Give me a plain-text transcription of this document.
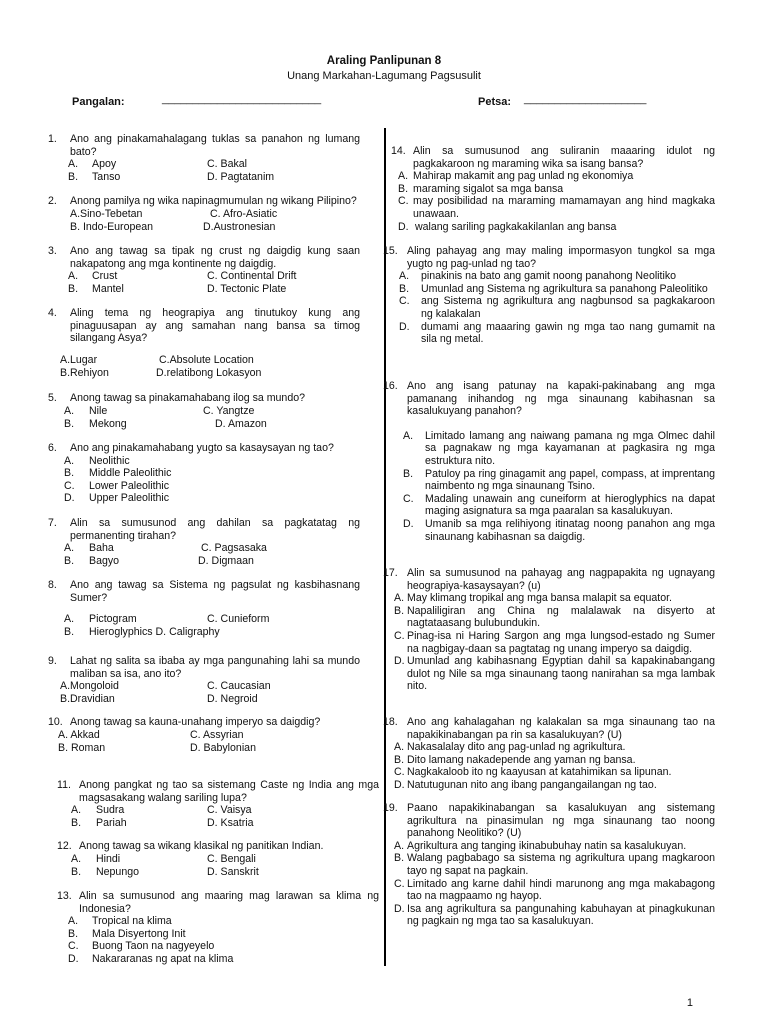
Araling Panlipunan 8
Unang Markahan-Lagumang Pagsusulit
Pangalan:	__________________________	Petsa: ____________________
1. Ano ang pinakamahalagang tuklas sa panahon ng lumang bato?
A. Apoy	C. Bakal
B. Tanso	D. Pagtatanim
2. Anong pamilya ng wika napinagmumulan ng wikang Pilipino?
A.Sino-Tebetan	C. Afro-Asiatic
B. Indo-European	D.Austronesian
3. Ano ang tawag sa tipak ng crust ng daigdig kung saan nakapatong ang mga kontinente ng daigdig.
A. Crust	C. Continental Drift
B. Mantel	D. Tectonic Plate
4. Aling tema ng heograpiya ang tinutukoy kung ang pinaguusapan ay ang samahan nang bansa sa timog silangang Asya?
A.Lugar	C.Absolute Location
B.Rehiyon	D.relatibong Lokasyon
5. Anong tawag sa pinakamahabang ilog sa mundo?
A. Nile	C. Yangtze
B. Mekong	D. Amazon
6. Ano ang pinakamahabang yugto sa kasaysayan ng tao?
A. Neolithic
B. Middle Paleolithic
C. Lower Paleolithic
D. Upper Paleolithic
7. Alin sa sumusunod ang dahilan sa pagkatatag ng permanenting tirahan?
A. Baha	C. Pagsasaka
B. Bagyo	D. Digmaan
8. Ano ang tawag sa Sistema ng pagsulat ng kasbihasnang Sumer?
A. Pictogram	C. Cunieform
B. Hieroglyphics D. Caligraphy
9. Lahat ng salita sa ibaba ay mga pangunahing lahi sa mundo maliban sa isa, ano ito?
A.Mongoloid	C. Caucasian
B.Dravidian	D. Negroid
10. Anong tawag sa kauna-unahang imperyo sa daigdig?
A. Akkad	C. Assyrian
B. Roman	D. Babylonian
11. Anong pangkat ng tao sa sistemang Caste ng India ang mga magsasakang walang sariling lupa?
A. Sudra	C. Vaisya
B. Pariah	D. Ksatria
12. Anong tawag sa wikang klasikal ng panitikan Indian.
A. Hindi	C. Bengali
B. Nepungo	D. Sanskrit
13. Alin sa sumusunod ang maaring mag larawan sa klima ng Indonesia?
A. Tropical na klima
B. Mala Disyertong Init
C. Buong Taon na nagyeyelo
D. Nakararanas ng apat na klima
14. Alin sa sumusunod ang suliranin maaaring idulot ng pagkakaroon ng maraming wika sa isang bansa?
A. Mahirap makamit ang pag unlad ng ekonomiya
B. maraming sigalot sa mga bansa
C. may posibilidad na maraming mamamayan ang hind magkaka unawaan.
D. walang sariling pagkakakilanlan ang bansa
15. Aling pahayag ang may maling impormasyon tungkol sa mga yugto ng pag-unlad ng tao?
A. pinakinis na bato ang gamit noong panahong Neolitiko
B. Umunlad ang Sistema ng agrikultura sa panahong Paleolitiko
C. ang Sistema ng agrikultura ang nagbunsod sa pagkakaroon ng kalakalan
D. dumami ang maaaring gawin ng mga tao nang gumamit na sila ng metal.
16. Ano ang isang patunay na kapaki-pakinabang ang mga pamanang inihandog ng mga sinaunang kabihasnan sa kasalukuyang panahon?
A. Limitado lamang ang naiwang pamana ng mga Olmec dahil sa pagnakaw ng mga kayamanan at pagkasira ng mga estruktura nito.
B. Patuloy pa ring ginagamit ang papel, compass, at imprentang naimbento ng mga sinaunang Tsino.
C. Madaling unawain ang cuneiform at hieroglyphics na dapat maging asignatura sa mga paaralan sa kasalukuyan.
D. Umanib sa mga relihiyong itinatag noong panahon ang mga sinaunang kabihasnan sa daigdig.
17. Alin sa sumusunod na pahayag ang nagpapakita ng ugnayang heograpiya-kasaysayan? (u)
A. May klimang tropikal ang mga bansa malapit sa equator.
B. Napaliligiran ang China ng malalawak na disyerto at nagtataasang bulubundukin.
C. Pinag-isa ni Haring Sargon ang mga lungsod-estado ng Sumer na nagbigay-daan sa pagtatag ng unang imperyo sa daigdig.
D. Umunlad ang kabihasnang Egyptian dahil sa kapakinabangang dulot ng Nile sa mga sinaunang taong nanirahan sa mga lambak nito.
18. Ano ang kahalagahan ng kalakalan sa mga sinaunang tao na napakikinabangan pa rin sa kasalukuyan? (U)
A. Nakasalalay dito ang pag-unlad ng agrikultura.
B. Dito lamang nakadepende ang yaman ng bansa.
C. Nagkakaloob ito ng kaayusan at katahimikan sa lipunan.
D. Natutugunan nito ang ibang pangangailangan ng tao.
19. Paano napakikinabangan sa kasalukuyan ang sistemang agrikultura na pinasimulan ng mga sinaunang tao noong panahong Neolitiko? (U)
A. Agrikultura ang tanging ikinabubuhay natin sa kasalukuyan.
B. Walang pagbabago sa sistema ng agrikultura upang magkaroon tayo ng sapat na pagkain.
C. Limitado ang karne dahil hindi marunong ang mga makabagong tao na magpaamo ng hayop.
D. Isa ang agrikultura sa pangunahing kabuhayan at pinagkukunan ng pagkain ng mga tao sa kasalukuyan.
1
